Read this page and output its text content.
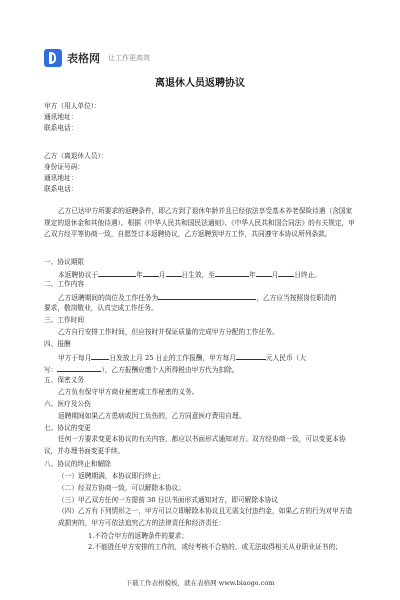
表格网 让工作更高效
离退休人员返聘协议
甲方（用人单位）：
通讯地址：
联系电话：
乙方（离退休人员）：
身份证号码：
通讯地址：
联系电话：
乙方已达甲方所要求的返聘条件，即乙方到了退休年龄并且已经依法享受基本养老保险待遇（含国家规定的退休金和其他待遇）。根据《中华人民共和国民法通则》、《中华人民共和国合同法》的有关规定，甲乙双方经平等协商一致，自愿签订本返聘协议，乙方返聘到甲方工作，共同遵守本协议所列条款。
一、协议期限
本返聘协议于	年 月 日生效，至	年 月 日终止。
二、工作内容
乙方返聘期间的岗位及工作任务为	，乙方应当按照岗位职责的
要求，敬岗敬业，认真完成工作任务。
三、工作时间
乙方自行安排工作时间，但应按时并保证质量的完成甲方分配的工作任务。
四、报酬
甲方于每月	日发放上月 25 日止的工作报酬，甲方每月	元人民币（大
写：	），乙方报酬应缴个人所得税由甲方代为扣除。
五、保密义务
乙方负有保守甲方商业秘密或工作秘密的义务。
六、医疗及公伤
返聘期间如果乙方患病或因工负伤的，乙方同意医疗费用自理。
七、协议的变更
任何一方要求变更本协议的有关内容，都应以书面形式通知对方。双方经协商一致，可以变更本协议，并办理书面变更手续。
八、协议的终止和解除
（一）返聘期满，本协议即行终止；
（二）经双方协商一致，可以解除本协议；
（三）甲乙双方任何一方提前 30 日以书面形式通知对方，即可解除本协议
（四）乙方有下列情形之一，甲方可以立即解除本协议且无需支付违约金，如果乙方的行为对甲方造成损害的，甲方可依法追究乙方的法律责任和经济责任：
1.不符合甲方的返聘条件的要求；
2.不能胜任甲方安排的工作的，或经考核不合格的，或无法取得相关从业职业证书的；
下载工作表格模板，就在表格网 www.biaoge.com
